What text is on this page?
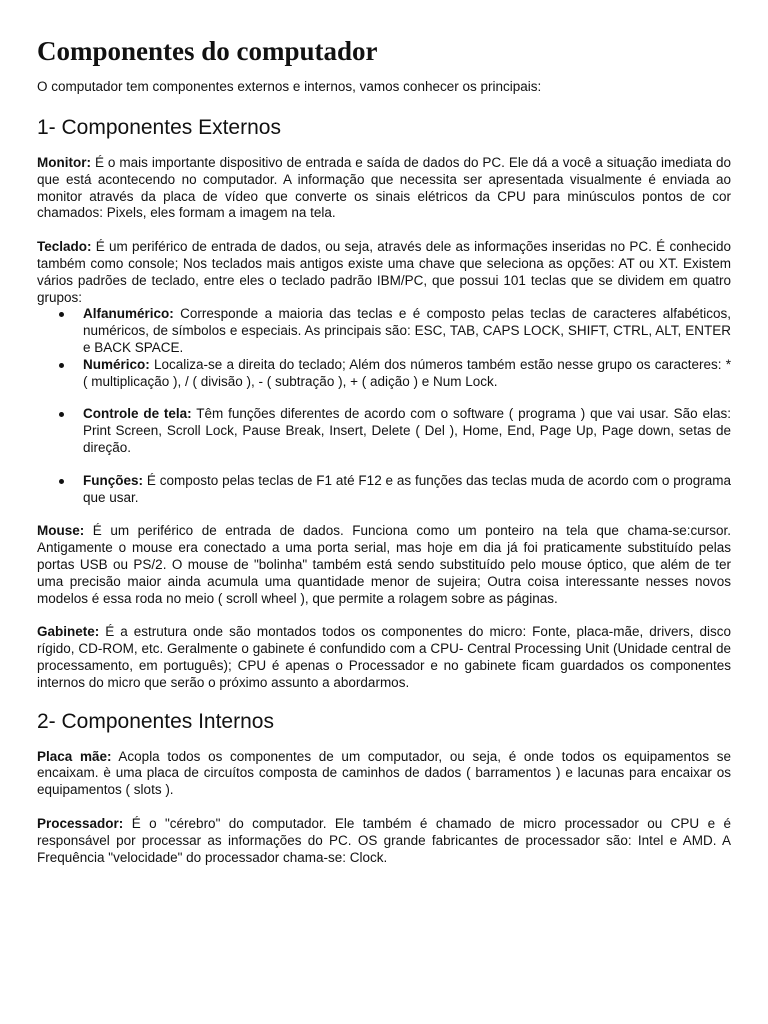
Componentes do computador

O computador tem componentes externos e internos, vamos conhecer os principais:

1- Componentes Externos

Monitor: É o mais importante dispositivo de entrada e saída de dados do PC. Ele dá a você a situação imediata do que está acontecendo no computador. A informação que necessita ser apresentada visualmente é enviada ao monitor através da placa de vídeo que converte os sinais elétricos da CPU para minúsculos pontos de cor chamados: Pixels, eles formam a imagem na tela.

Teclado: É um periférico de entrada de dados, ou seja, através dele as informações inseridas no PC. É conhecido também como console; Nos teclados mais antigos existe uma chave que seleciona as opções: AT ou XT. Existem vários padrões de teclado, entre eles o teclado padrão IBM/PC, que possui 101 teclas que se dividem em quatro grupos:

Alfanumérico: Corresponde a maioria das teclas e é composto pelas teclas de caracteres alfabéticos, numéricos, de símbolos e especiais. As principais são: ESC, TAB, CAPS LOCK, SHIFT, CTRL, ALT, ENTER e BACK SPACE.
Numérico: Localiza-se a direita do teclado; Além dos números também estão nesse grupo os caracteres: * ( multiplicação ), / ( divisão ), - ( subtração ), + ( adição ) e Num Lock.
Controle de tela: Têm funções diferentes de acordo com o software ( programa ) que vai usar. São elas: Print Screen, Scroll Lock, Pause Break, Insert, Delete ( Del ), Home, End, Page Up, Page down, setas de direção.
Funções: É composto pelas teclas de F1 até F12 e as funções das teclas muda de acordo com o programa que usar.

Mouse: É um periférico de entrada de dados. Funciona como um ponteiro na tela que chama-se:cursor. Antigamente o mouse era conectado a uma porta serial, mas hoje em dia já foi praticamente substituído pelas portas USB ou PS/2. O mouse de "bolinha" também está sendo substituído pelo mouse óptico, que além de ter uma precisão maior ainda acumula uma quantidade menor de sujeira; Outra coisa interessante nesses novos modelos é essa roda no meio ( scroll wheel ), que permite a rolagem sobre as páginas.

Gabinete: É a estrutura onde são montados todos os componentes do micro: Fonte, placa-mãe, drivers, disco rígido, CD-ROM, etc. Geralmente o gabinete é confundido com a CPU- Central Processing Unit (Unidade central de processamento, em português); CPU é apenas o Processador e no gabinete ficam guardados os componentes internos do micro que serão o próximo assunto a abordarmos.

2- Componentes Internos

Placa mãe: Acopla todos os componentes de um computador, ou seja, é onde todos os equipamentos se encaixam. è uma placa de circuítos composta de caminhos de dados ( barramentos ) e lacunas para encaixar os equipamentos ( slots ).

Processador: É o "cérebro" do computador. Ele também é chamado de micro processador ou CPU e é responsável por processar as informações do PC. OS grande fabricantes de processador são: Intel e AMD. A Frequência "velocidade" do processador chama-se: Clock.
